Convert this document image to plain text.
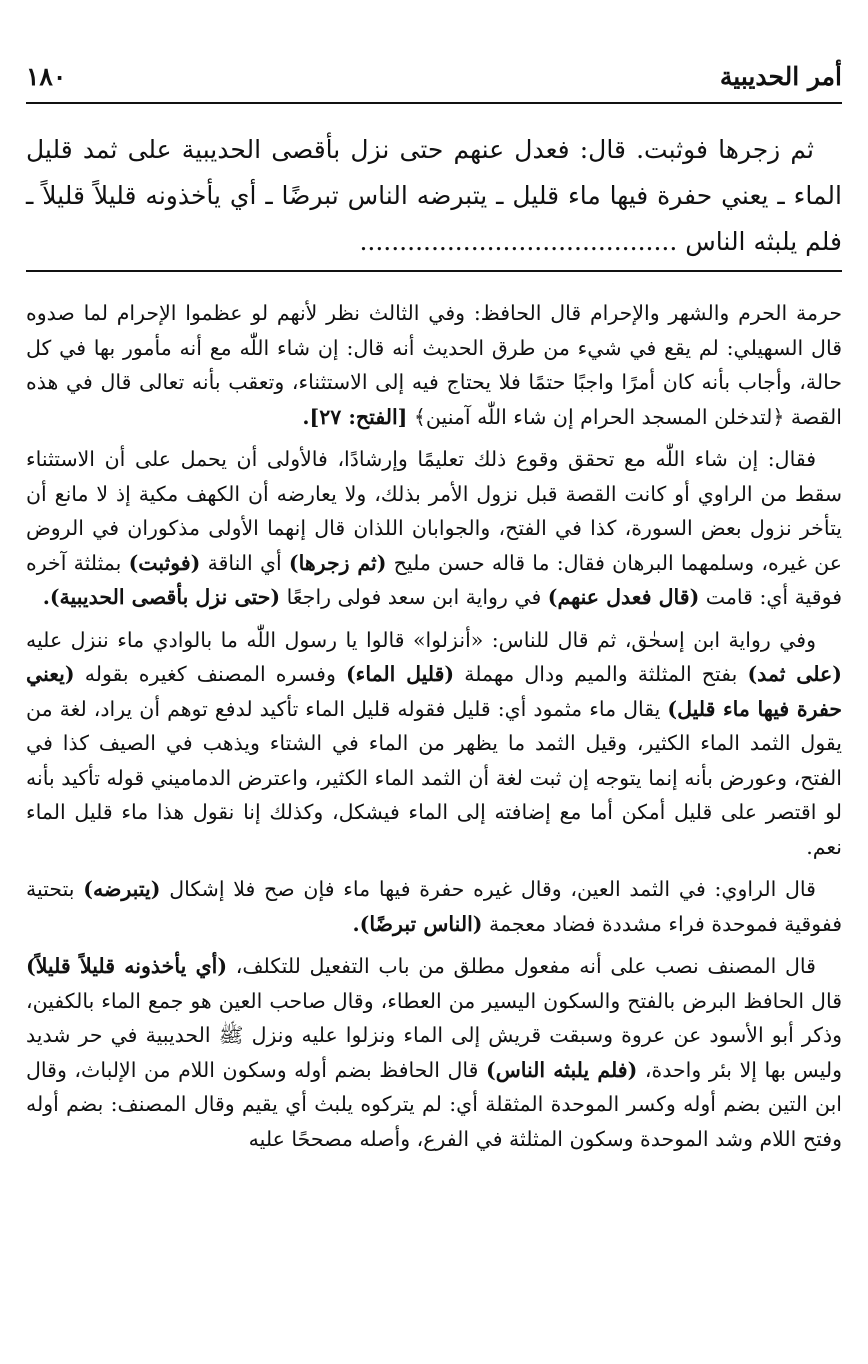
١٨٠	أمر الحديبية

ثم زجرها فوثبت. قال: فعدل عنهم حتى نزل بأقصى الحديبية على ثمد قليل الماء ـ يعني حفرة فيها ماء قليل ـ يتبرضه الناس تبرضًا ـ أي يأخذونه قليلاً قليلاً ـ فلم يلبثه الناس ........................................

حرمة الحرم والشهر والإحرام قال الحافظ: وفي الثالث نظر لأنهم لو عظموا الإحرام لما صدوه قال السهيلي: لم يقع في شيء من طرق الحديث أنه قال: إن شاء اللّٰه مع أنه مأمور بها في كل حالة، وأجاب بأنه كان أمرًا واجبًا حتمًا فلا يحتاج فيه إلى الاستثناء، وتعقب بأنه تعالى قال في هذه القصة ﴿لتدخلن المسجد الحرام إن شاء اللّٰه آمنين﴾ [الفتح: ٢٧].

فقال: إن شاء اللّٰه مع تحقق وقوع ذلك تعليمًا وإرشادًا، فالأولى أن يحمل على أن الاستثناء سقط من الراوي أو كانت القصة قبل نزول الأمر بذلك، ولا يعارضه أن الكهف مكية إذ لا مانع أن يتأخر نزول بعض السورة، كذا في الفتح، والجوابان اللذان قال إنهما الأولى مذكوران في الروض عن غيره، وسلمهما البرهان فقال: ما قاله حسن مليح (ثم زجرها) أي الناقة (فوثبت) بمثلثة آخره فوقية أي: قامت (قال فعدل عنهم) في رواية ابن سعد فولى راجعًا (حتى نزل بأقصى الحديبية).

وفي رواية ابن إسحٰق، ثم قال للناس: «أنزلوا» قالوا يا رسول اللّٰه ما بالوادي ماء ننزل عليه (على ثمد) بفتح المثلثة والميم ودال مهملة (قليل الماء) وفسره المصنف كغيره بقوله (يعني حفرة فيها ماء قليل) يقال ماء مثمود أي: قليل فقوله قليل الماء تأكيد لدفع توهم أن يراد، لغة من يقول الثمد الماء الكثير، وقيل الثمد ما يظهر من الماء في الشتاء ويذهب في الصيف كذا في الفتح، وعورض بأنه إنما يتوجه إن ثبت لغة أن الثمد الماء الكثير، واعترض الدماميني قوله تأكيد بأنه لو اقتصر على قليل أمكن أما مع إضافته إلى الماء فيشكل، وكذلك إنا نقول هذا ماء قليل الماء نعم.

قال الراوي: في الثمد العين، وقال غيره حفرة فيها ماء فإن صح فلا إشكال (يتبرضه) بتحتية ففوقية فموحدة فراء مشددة فضاد معجمة (الناس تبرضًا).

قال المصنف نصب على أنه مفعول مطلق من باب التفعيل للتكلف، (أي يأخذونه قليلاً قليلاً) قال الحافظ البرض بالفتح والسكون اليسير من العطاء، وقال صاحب العين هو جمع الماء بالكفين، وذكر أبو الأسود عن عروة وسبقت قريش إلى الماء ونزلوا عليه ونزل ﷺ الحديبية في حر شديد وليس بها إلا بئر واحدة، (فلم يلبثه الناس) قال الحافظ بضم أوله وسكون اللام من الإلباث، وقال ابن التين بضم أوله وكسر الموحدة المثقلة أي: لم يتركوه يلبث أي يقيم وقال المصنف: بضم أوله وفتح اللام وشد الموحدة وسكون المثلثة في الفرع، وأصله مصححًا عليه
